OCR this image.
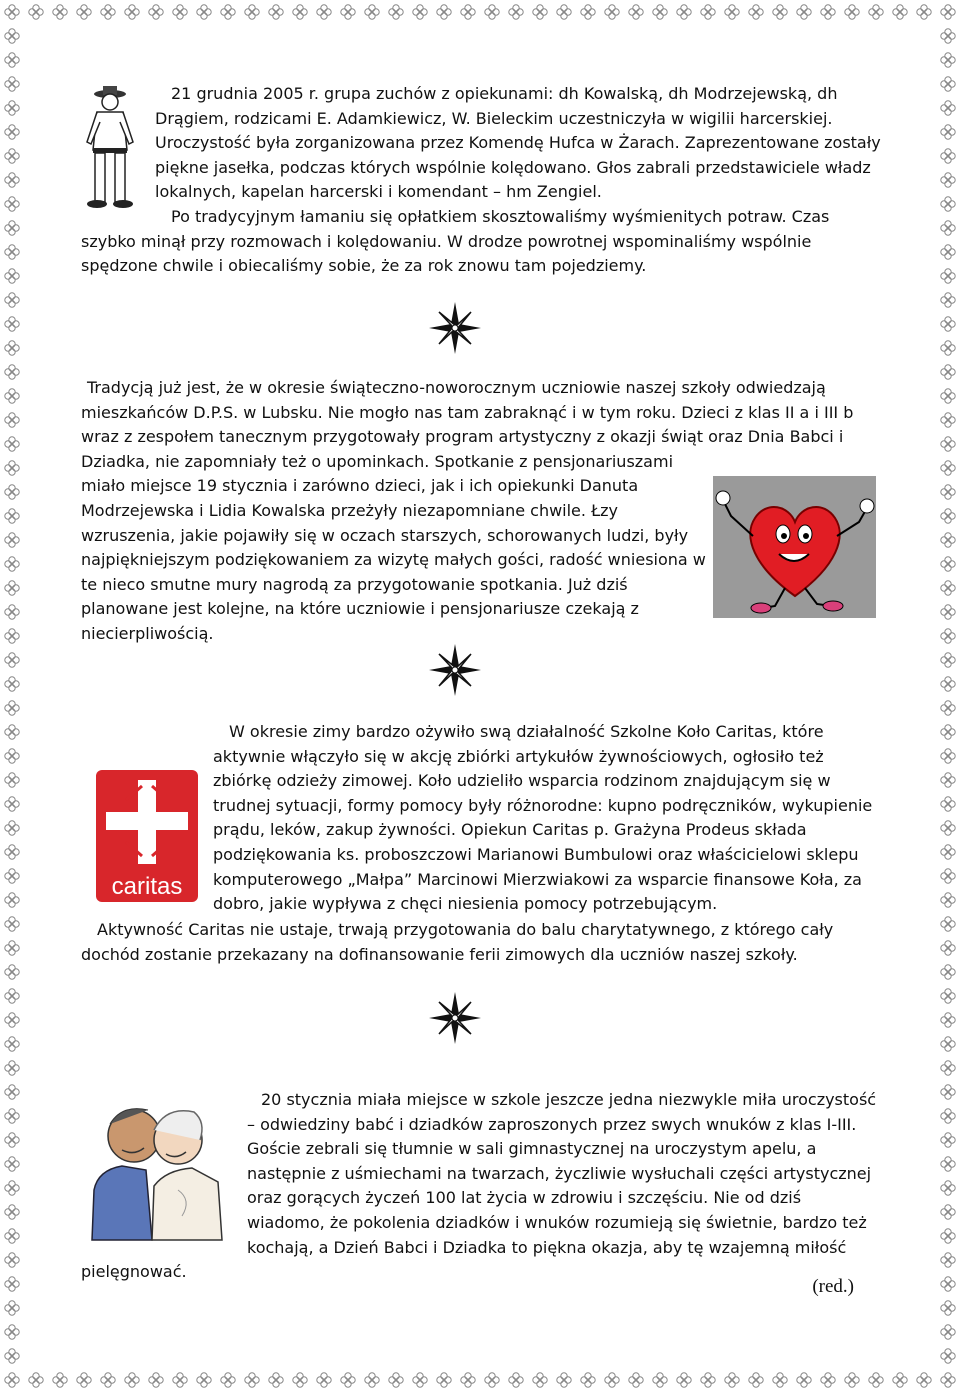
21 grudnia 2005 r. grupa zuchów z opiekunami: dh Kowalską, dh Modrzejewską, dh Drągiem, rodzicami E. Adamkiewicz, W. Bieleckim uczestniczyła w wigilii harcerskiej. Uroczystość była zorganizowana przez Komendę Hufca w Żarach. Zaprezentowane zostały piękne jasełka, podczas których wspólnie kolędowano. Głos zabrali przedstawiciele władz lokalnych, kapelan harcerski i komendant – hm Zengiel.

Po tradycyjnym łamaniu się opłatkiem skosztowaliśmy wyśmienitych potraw. Czas szybko minął przy rozmowach i kolędowaniu. W drodze powrotnej wspominaliśmy wspólnie spędzone chwile i obiecaliśmy sobie, że za rok znowu tam pojedziemy.

Tradycją już jest, że w okresie świąteczno-noworocznym uczniowie naszej szkoły odwiedzają mieszkańców D.P.S. w Lubsku. Nie mogło nas tam zabraknąć i w tym roku. Dzieci z klas II a i III b wraz z zespołem tanecznym przygotowały program artystyczny z okazji świąt oraz Dnia Babci i Dziadka, nie zapomniały też o upominkach. Spotkanie z pensjonariuszami miało miejsce 19 stycznia i zarówno dzieci, jak i ich opiekunki Danuta Modrzejewska i Lidia Kowalska przeżyły niezapomniane chwile. Łzy wzruszenia, jakie pojawiły się w oczach starszych, schorowanych ludzi, były najpiękniejszym podziękowaniem za wizytę małych gości, radość wniesiona w te nieco smutne mury nagrodą za przygotowanie spotkania. Już dziś planowane jest kolejne, na które uczniowie i pensjonariusze czekają z niecierpliwością.

W okresie zimy bardzo ożywiło swą działalność Szkolne Koło Caritas, które aktywnie włączyło się w akcję zbiórki artykułów żywnościowych, ogłosiło też zbiórkę odzieży zimowej. Koło udzieliło wsparcia rodzinom znajdującym się w trudnej sytuacji, formy pomocy były różnorodne: kupno podręczników, wykupienie prądu, leków, zakup żywności. Opiekun Caritas p. Grażyna Prodeus składa podziękowania ks. proboszczowi Marianowi Bumbulowi oraz właścicielowi sklepu komputerowego „Małpa” Marcinowi Mierzwiakowi za wsparcie finansowe Koła, za dobro, jakie wypływa z chęci niesienia pomocy potrzebującym.

Aktywność Caritas nie ustaje, trwają przygotowania do balu charytatywnego, z którego cały dochód zostanie przekazany na dofinansowanie ferii zimowych dla uczniów naszej szkoły.

caritas

20 stycznia miała miejsce w szkole jeszcze jedna niezwykle miła uroczystość – odwiedziny babć i dziadków zaproszonych przez swych wnuków z klas I-III. Goście zebrali się tłumnie w sali gimnastycznej na uroczystym apelu, a następnie z uśmiechami na twarzach, życzliwie wysłuchali części artystycznej oraz gorących życzeń 100 lat życia w zdrowiu i szczęściu. Nie od dziś wiadomo, że pokolenia dziadków i wnuków rozumieją się świetnie, bardzo też kochają, a Dzień Babci i Dziadka to piękna okazja, aby tę wzajemną miłość pielęgnować.

(red.)
